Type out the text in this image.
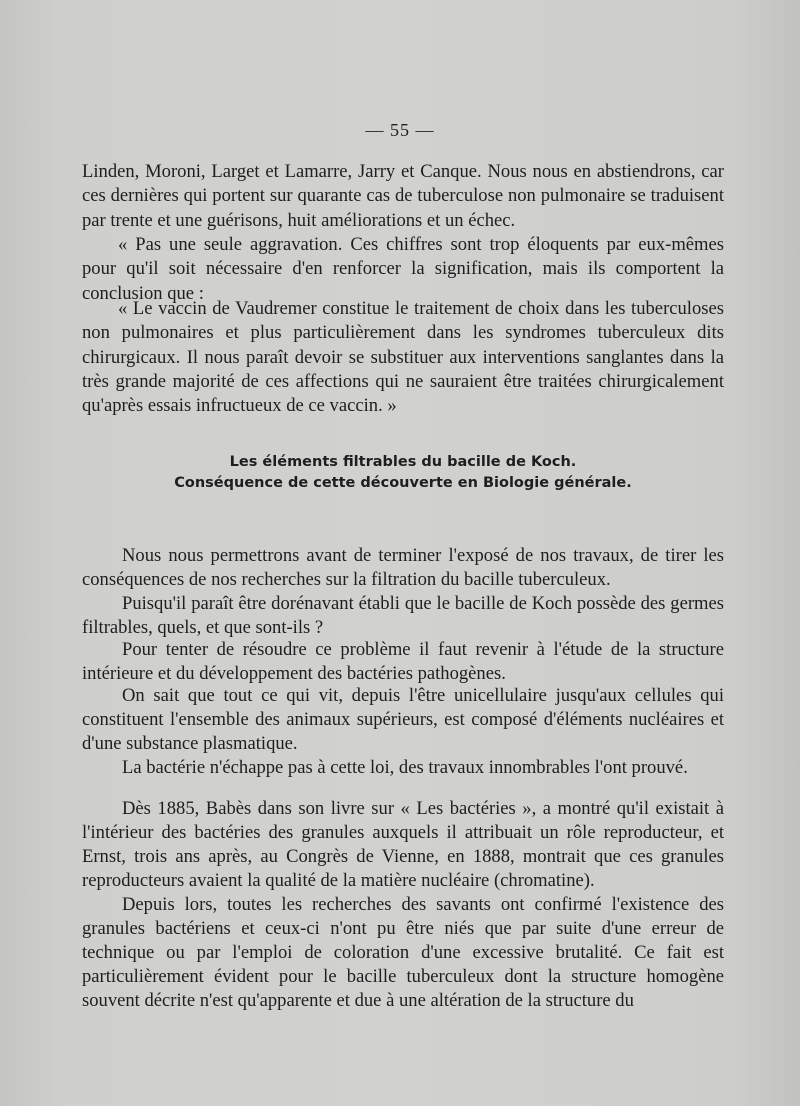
— 55 —

Linden, Moroni, Larget et Lamarre, Jarry et Canque. Nous nous en abstiendrons, car ces dernières qui portent sur quarante cas de tuberculose non pulmonaire se traduisent par trente et une guérisons, huit améliorations et un échec.

« Pas une seule aggravation. Ces chiffres sont trop éloquents par eux-mêmes pour qu'il soit nécessaire d'en renforcer la signification, mais ils comportent la conclusion que :

« Le vaccin de Vaudremer constitue le traitement de choix dans les tuberculoses non pulmonaires et plus particulièrement dans les syndromes tuberculeux dits chirurgicaux. Il nous paraît devoir se substituer aux interventions sanglantes dans la très grande majorité de ces affections qui ne sauraient être traitées chirurgicalement qu'après essais infructueux de ce vaccin. »

Les éléments filtrables du bacille de Koch.
Conséquence de cette découverte en Biologie générale.

Nous nous permettrons avant de terminer l'exposé de nos travaux, de tirer les conséquences de nos recherches sur la filtration du bacille tuberculeux.

Puisqu'il paraît être dorénavant établi que le bacille de Koch possède des germes filtrables, quels, et que sont-ils ?

Pour tenter de résoudre ce problème il faut revenir à l'étude de la structure intérieure et du développement des bactéries pathogènes.

On sait que tout ce qui vit, depuis l'être unicellulaire jusqu'aux cellules qui constituent l'ensemble des animaux supérieurs, est composé d'éléments nucléaires et d'une substance plasmatique.

La bactérie n'échappe pas à cette loi, des travaux innombrables l'ont prouvé.

Dès 1885, Babès dans son livre sur « Les bactéries », a montré qu'il existait à l'intérieur des bactéries des granules auxquels il attribuait un rôle reproducteur, et Ernst, trois ans après, au Congrès de Vienne, en 1888, montrait que ces granules reproducteurs avaient la qualité de la matière nucléaire (chromatine).

Depuis lors, toutes les recherches des savants ont confirmé l'existence des granules bactériens et ceux-ci n'ont pu être niés que par suite d'une erreur de technique ou par l'emploi de coloration d'une excessive brutalité. Ce fait est particulièrement évident pour le bacille tuberculeux dont la structure homogène souvent décrite n'est qu'apparente et due à une altération de la structure du
